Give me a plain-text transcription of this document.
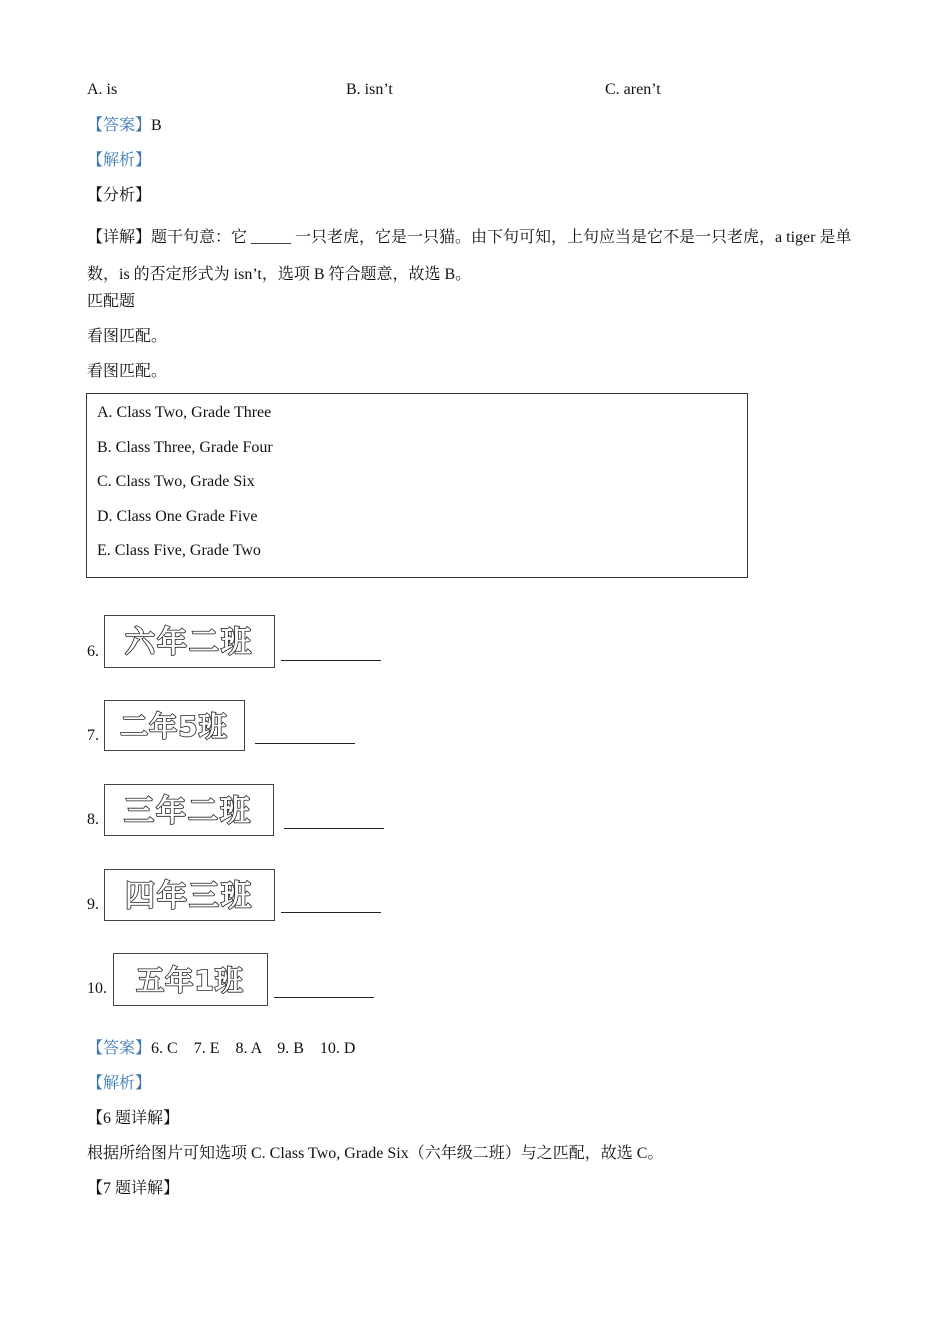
A. is	B. isn’t	C. aren’t
【答案】B
【解析】
【分析】
【详解】题干句意：它 _____ 一只老虎，它是一只猫。由下句可知，上句应当是它不是一只老虎，a tiger 是单数，is 的否定形式为 isn’t，选项 B 符合题意，故选 B。
匹配题
看图匹配。
看图匹配。
A. Class Two, Grade Three
B. Class Three, Grade Four
C. Class Two, Grade Six
D. Class One Grade Five
E. Class Five, Grade Two
6. 六年二班
7. 二年5班
8. 三年二班
9. 四年三班
10. 五年1班
【答案】6. C    7. E    8. A    9. B    10. D
【解析】
【6 题详解】
根据所给图片可知选项 C. Class Two, Grade Six（六年级二班）与之匹配，故选 C。
【7 题详解】
